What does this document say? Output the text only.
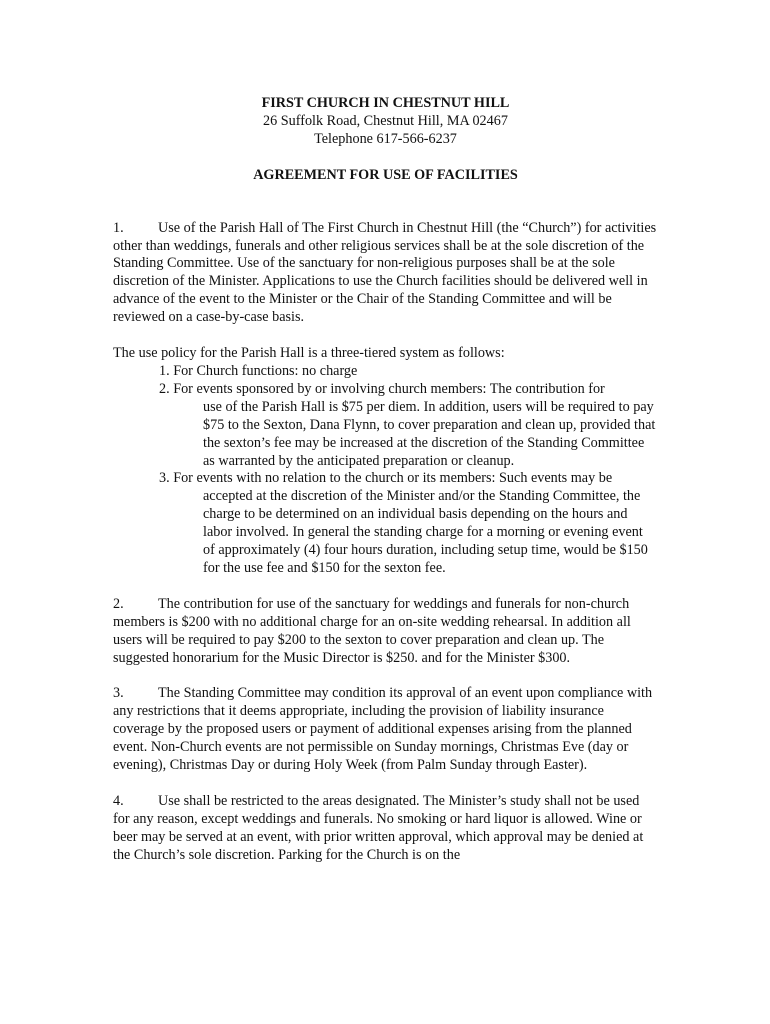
FIRST CHURCH IN CHESTNUT HILL
26 Suffolk Road, Chestnut Hill, MA 02467
Telephone 617-566-6237
AGREEMENT FOR USE OF FACILITIES

1. Use of the Parish Hall of The First Church in Chestnut Hill (the “Church”) for activities other than weddings, funerals and other religious services shall be at the sole discretion of the Standing Committee. Use of the sanctuary for non-religious purposes shall be at the sole discretion of the Minister. Applications to use the Church facilities should be delivered well in advance of the event to the Minister or the Chair of the Standing Committee and will be reviewed on a case-by-case basis.

The use policy for the Parish Hall is a three-tiered system as follows:
1. For Church functions: no charge
2. For events sponsored by or involving church members: The contribution for
use of the Parish Hall is $75 per diem. In addition, users will be required to pay $75 to the Sexton, Dana Flynn, to cover preparation and clean up, provided that the sexton’s fee may be increased at the discretion of the Standing Committee as warranted by the anticipated preparation or cleanup.
3. For events with no relation to the church or its members: Such events may be
accepted at the discretion of the Minister and/or the Standing Committee, the charge to be determined on an individual basis depending on the hours and labor involved. In general the standing charge for a morning or evening event of approximately (4) four hours duration, including setup time, would be $150 for the use fee and $150 for the sexton fee.

2. The contribution for use of the sanctuary for weddings and funerals for non-church members is $200 with no additional charge for an on-site wedding rehearsal. In addition all users will be required to pay $200 to the sexton to cover preparation and clean up. The suggested honorarium for the Music Director is $250. and for the Minister $300.

3. The Standing Committee may condition its approval of an event upon compliance with any restrictions that it deems appropriate, including the provision of liability insurance coverage by the proposed users or payment of additional expenses arising from the planned event. Non-Church events are not permissible on Sunday mornings, Christmas Eve (day or evening), Christmas Day or during Holy Week (from Palm Sunday through Easter).

4. Use shall be restricted to the areas designated. The Minister’s study shall not be used for any reason, except weddings and funerals. No smoking or hard liquor is allowed. Wine or beer may be served at an event, with prior written approval, which approval may be denied at the Church’s sole discretion. Parking for the Church is on the
